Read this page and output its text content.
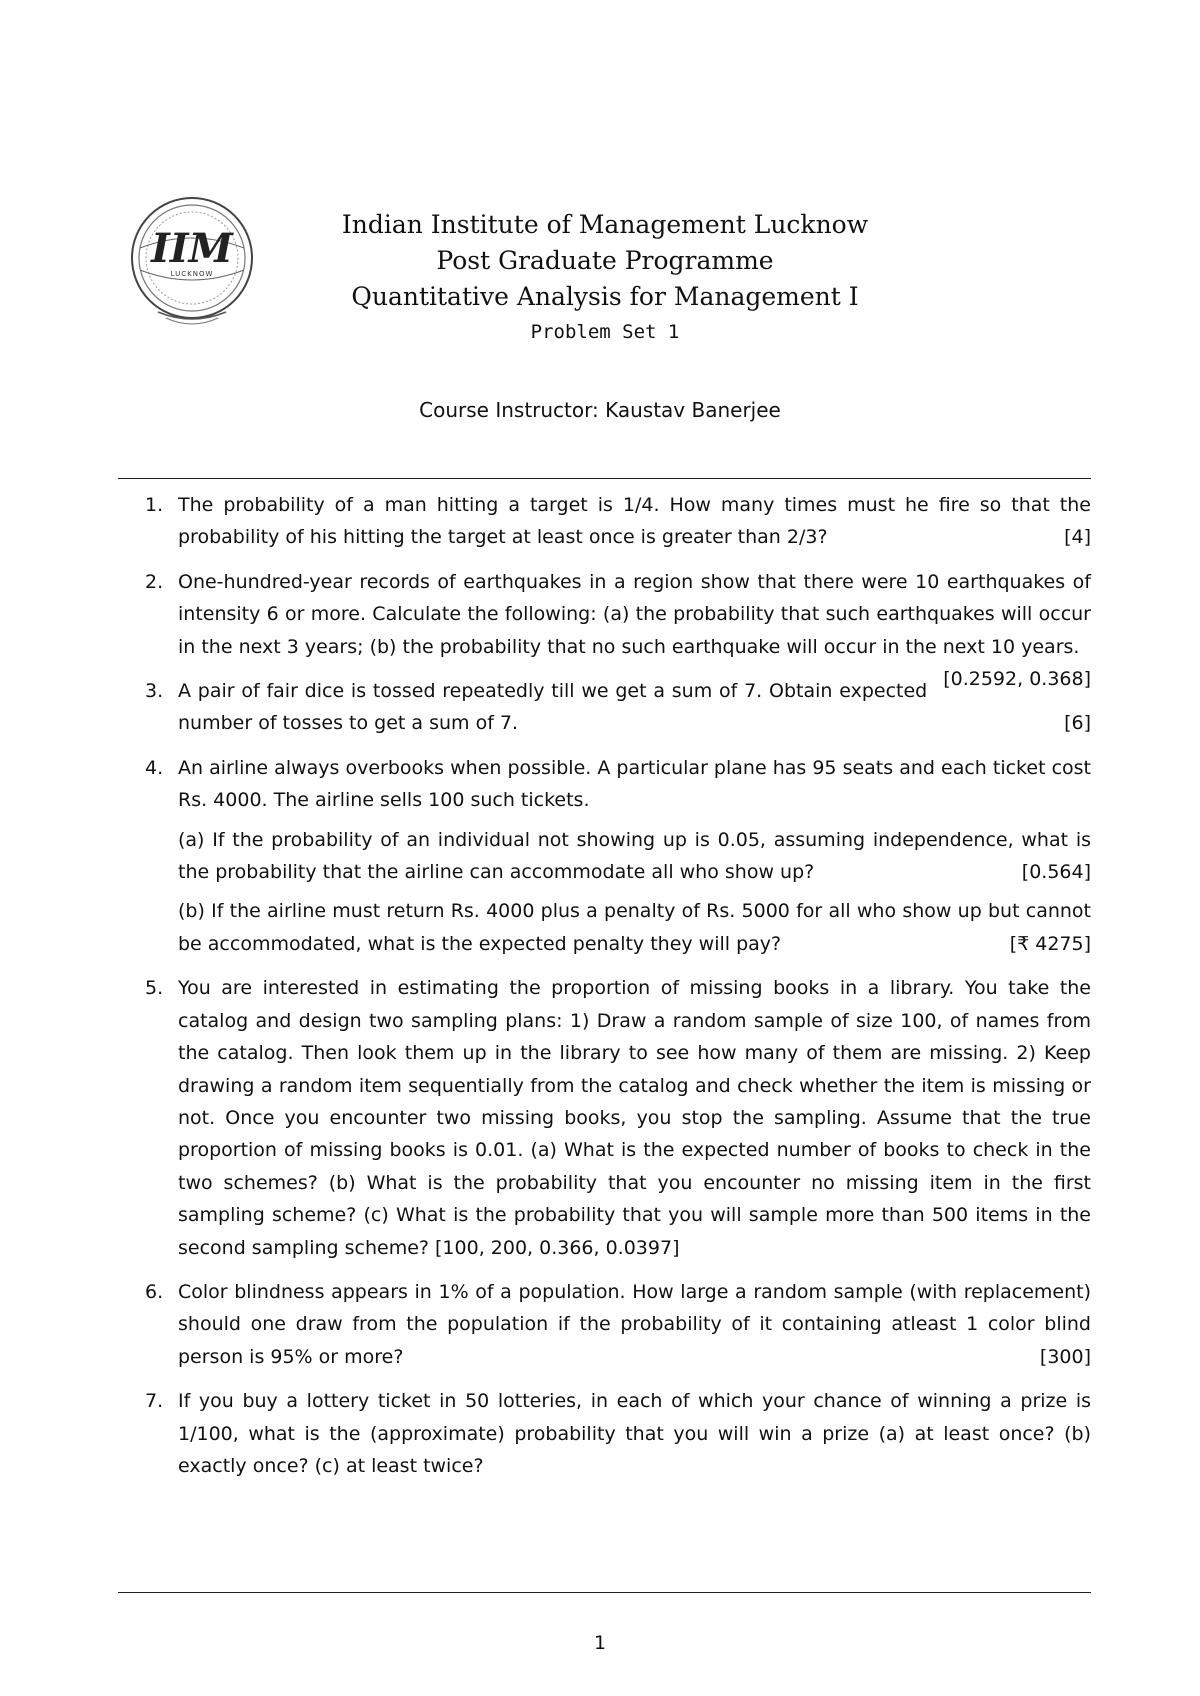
IIM
LUCKNOW
Indian Institute of Management Lucknow
Post Graduate Programme
Quantitative Analysis for Management I
Problem Set 1
Course Instructor: Kaustav Banerjee
1. The probability of a man hitting a target is 1/4. How many times must he fire so that the probability of his hitting the target at least once is greater than 2/3?	[4]
2. One-hundred-year records of earthquakes in a region show that there were 10 earthquakes of intensity 6 or more. Calculate the following: (a) the probability that such earthquakes will occur in the next 3 years; (b) the probability that no such earthquake will occur in the next 10 years.
[0.2592, 0.368]
3. A pair of fair dice is tossed repeatedly till we get a sum of 7. Obtain expected number of tosses to get a sum of 7.	[6]
4. An airline always overbooks when possible. A particular plane has 95 seats and each ticket cost Rs. 4000. The airline sells 100 such tickets.
(a) If the probability of an individual not showing up is 0.05, assuming independence, what is the probability that the airline can accommodate all who show up?	[0.564]
(b) If the airline must return Rs. 4000 plus a penalty of Rs. 5000 for all who show up but cannot be accommodated, what is the expected penalty they will pay?	[₹ 4275]
5. You are interested in estimating the proportion of missing books in a library. You take the catalog and design two sampling plans: 1) Draw a random sample of size 100, of names from the catalog. Then look them up in the library to see how many of them are missing. 2) Keep drawing a random item sequentially from the catalog and check whether the item is missing or not. Once you encounter two missing books, you stop the sampling. Assume that the true proportion of missing books is 0.01. (a) What is the expected number of books to check in the two schemes? (b) What is the probability that you encounter no missing item in the first sampling scheme? (c) What is the probability that you will sample more than 500 items in the second sampling scheme? [100, 200, 0.366, 0.0397]
6. Color blindness appears in 1% of a population. How large a random sample (with replacement) should one draw from the population if the probability of it containing atleast 1 color blind person is 95% or more?	[300]
7. If you buy a lottery ticket in 50 lotteries, in each of which your chance of winning a prize is 1/100, what is the (approximate) probability that you will win a prize (a) at least once? (b) exactly once? (c) at least twice?
1
